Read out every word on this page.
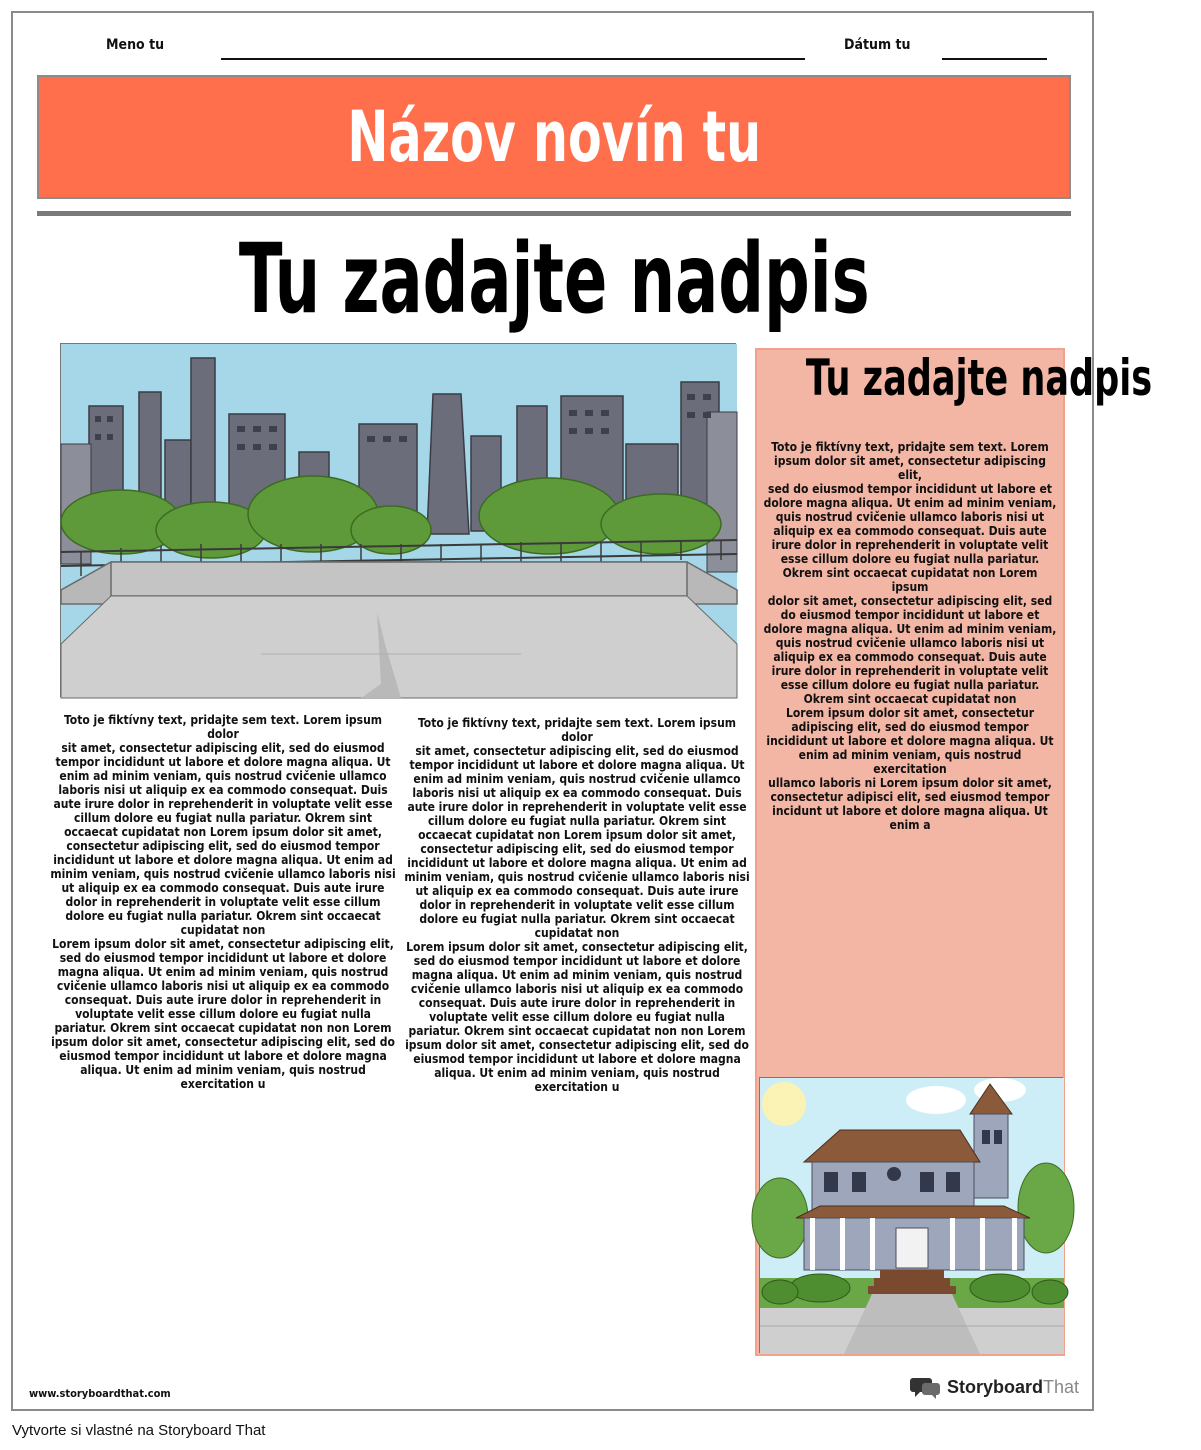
Meno tu	Dátum tu
Názov novín tu
Tu zadajte nadpis
Toto je fiktívny text, pridajte sem text. Lorem ipsum dolor
sit amet, consectetur adipiscing elit, sed do eiusmod
tempor incididunt ut labore et dolore magna aliqua. Ut
enim ad minim veniam, quis nostrud cvičenie ullamco
laboris nisi ut aliquip ex ea commodo consequat. Duis
aute irure dolor in reprehenderit in voluptate velit esse
cillum dolore eu fugiat nulla pariatur. Okrem sint
occaecat cupidatat non Lorem ipsum dolor sit amet,
consectetur adipiscing elit, sed do eiusmod tempor
incididunt ut labore et dolore magna aliqua. Ut enim ad
minim veniam, quis nostrud cvičenie ullamco laboris nisi
ut aliquip ex ea commodo consequat. Duis aute irure
dolor in reprehenderit in voluptate velit esse cillum
dolore eu fugiat nulla pariatur. Okrem sint occaecat
cupidatat non
Lorem ipsum dolor sit amet, consectetur adipiscing elit,
sed do eiusmod tempor incididunt ut labore et dolore
magna aliqua. Ut enim ad minim veniam, quis nostrud
cvičenie ullamco laboris nisi ut aliquip ex ea commodo
consequat. Duis aute irure dolor in reprehenderit in
voluptate velit esse cillum dolore eu fugiat nulla
pariatur. Okrem sint occaecat cupidatat non non Lorem
ipsum dolor sit amet, consectetur adipiscing elit, sed do
eiusmod tempor incididunt ut labore et dolore magna
aliqua. Ut enim ad minim veniam, quis nostrud
exercitation u
Toto je fiktívny text, pridajte sem text. Lorem ipsum dolor
sit amet, consectetur adipiscing elit, sed do eiusmod
tempor incididunt ut labore et dolore magna aliqua. Ut
enim ad minim veniam, quis nostrud cvičenie ullamco
laboris nisi ut aliquip ex ea commodo consequat. Duis
aute irure dolor in reprehenderit in voluptate velit esse
cillum dolore eu fugiat nulla pariatur. Okrem sint
occaecat cupidatat non Lorem ipsum dolor sit amet,
consectetur adipiscing elit, sed do eiusmod tempor
incididunt ut labore et dolore magna aliqua. Ut enim ad
minim veniam, quis nostrud cvičenie ullamco laboris nisi
ut aliquip ex ea commodo consequat. Duis aute irure
dolor in reprehenderit in voluptate velit esse cillum
dolore eu fugiat nulla pariatur. Okrem sint occaecat
cupidatat non
Lorem ipsum dolor sit amet, consectetur adipiscing elit,
sed do eiusmod tempor incididunt ut labore et dolore
magna aliqua. Ut enim ad minim veniam, quis nostrud
cvičenie ullamco laboris nisi ut aliquip ex ea commodo
consequat. Duis aute irure dolor in reprehenderit in
voluptate velit esse cillum dolore eu fugiat nulla
pariatur. Okrem sint occaecat cupidatat non non Lorem
ipsum dolor sit amet, consectetur adipiscing elit, sed do
eiusmod tempor incididunt ut labore et dolore magna
aliqua. Ut enim ad minim veniam, quis nostrud
exercitation u
Tu zadajte nadpis
Toto je fiktívny text, pridajte sem text. Lorem
ipsum dolor sit amet, consectetur adipiscing elit,
sed do eiusmod tempor incididunt ut labore et
dolore magna aliqua. Ut enim ad minim veniam,
quis nostrud cvičenie ullamco laboris nisi ut
aliquip ex ea commodo consequat. Duis aute
irure dolor in reprehenderit in voluptate velit
esse cillum dolore eu fugiat nulla pariatur.
Okrem sint occaecat cupidatat non Lorem ipsum
dolor sit amet, consectetur adipiscing elit, sed
do eiusmod tempor incididunt ut labore et
dolore magna aliqua. Ut enim ad minim veniam,
quis nostrud cvičenie ullamco laboris nisi ut
aliquip ex ea commodo consequat. Duis aute
irure dolor in reprehenderit in voluptate velit
esse cillum dolore eu fugiat nulla pariatur.
Okrem sint occaecat cupidatat non
Lorem ipsum dolor sit amet, consectetur
adipiscing elit, sed do eiusmod tempor
incididunt ut labore et dolore magna aliqua. Ut
enim ad minim veniam, quis nostrud exercitation
ullamco laboris ni Lorem ipsum dolor sit amet,
consectetur adipisci elit, sed eiusmod tempor
incidunt ut labore et dolore magna aliqua. Ut
enim a
www.storyboardthat.com	StoryboardThat
Vytvorte si vlastné na Storyboard That
